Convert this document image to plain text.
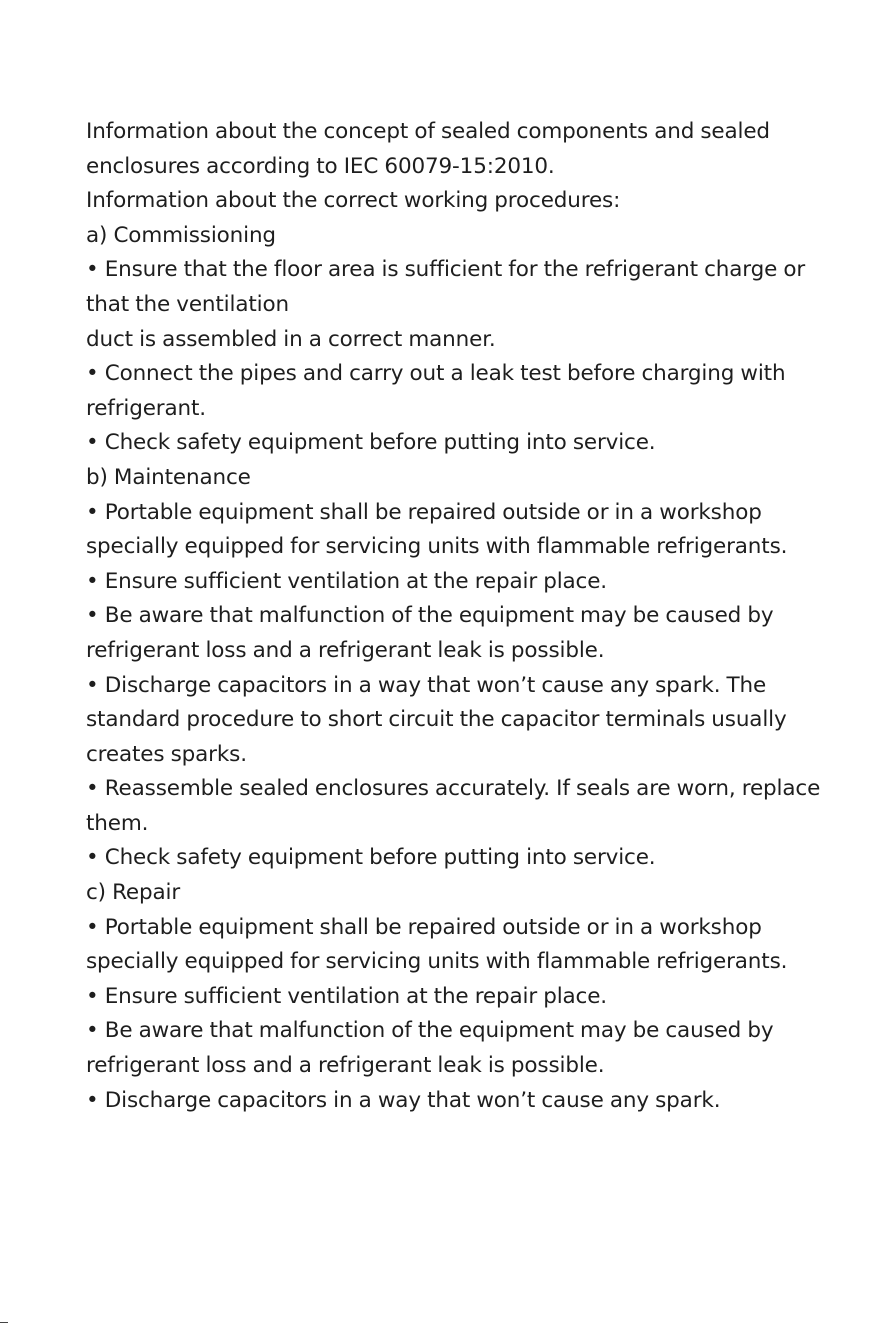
Information about the concept of sealed components and sealed
enclosures according to IEC 60079-15:2010.
Information about the correct working procedures:
a) Commissioning
• Ensure that the floor area is sufficient for the refrigerant charge or
that the ventilation
duct is assembled in a correct manner.
• Connect the pipes and carry out a leak test before charging with
refrigerant.
• Check safety equipment before putting into service.
b) Maintenance
• Portable equipment shall be repaired outside or in a workshop
specially equipped for servicing units with flammable refrigerants.
• Ensure sufficient ventilation at the repair place.
• Be aware that malfunction of the equipment may be caused by
refrigerant loss and a refrigerant leak is possible.
• Discharge capacitors in a way that won’t cause any spark. The
standard procedure to short circuit the capacitor terminals usually
creates sparks.
• Reassemble sealed enclosures accurately. If seals are worn, replace
them.
• Check safety equipment before putting into service.
c) Repair
• Portable equipment shall be repaired outside or in a workshop
specially equipped for servicing units with flammable refrigerants.
• Ensure sufficient ventilation at the repair place.
• Be aware that malfunction of the equipment may be caused by
refrigerant loss and a refrigerant leak is possible.
• Discharge capacitors in a way that won’t cause any spark.
